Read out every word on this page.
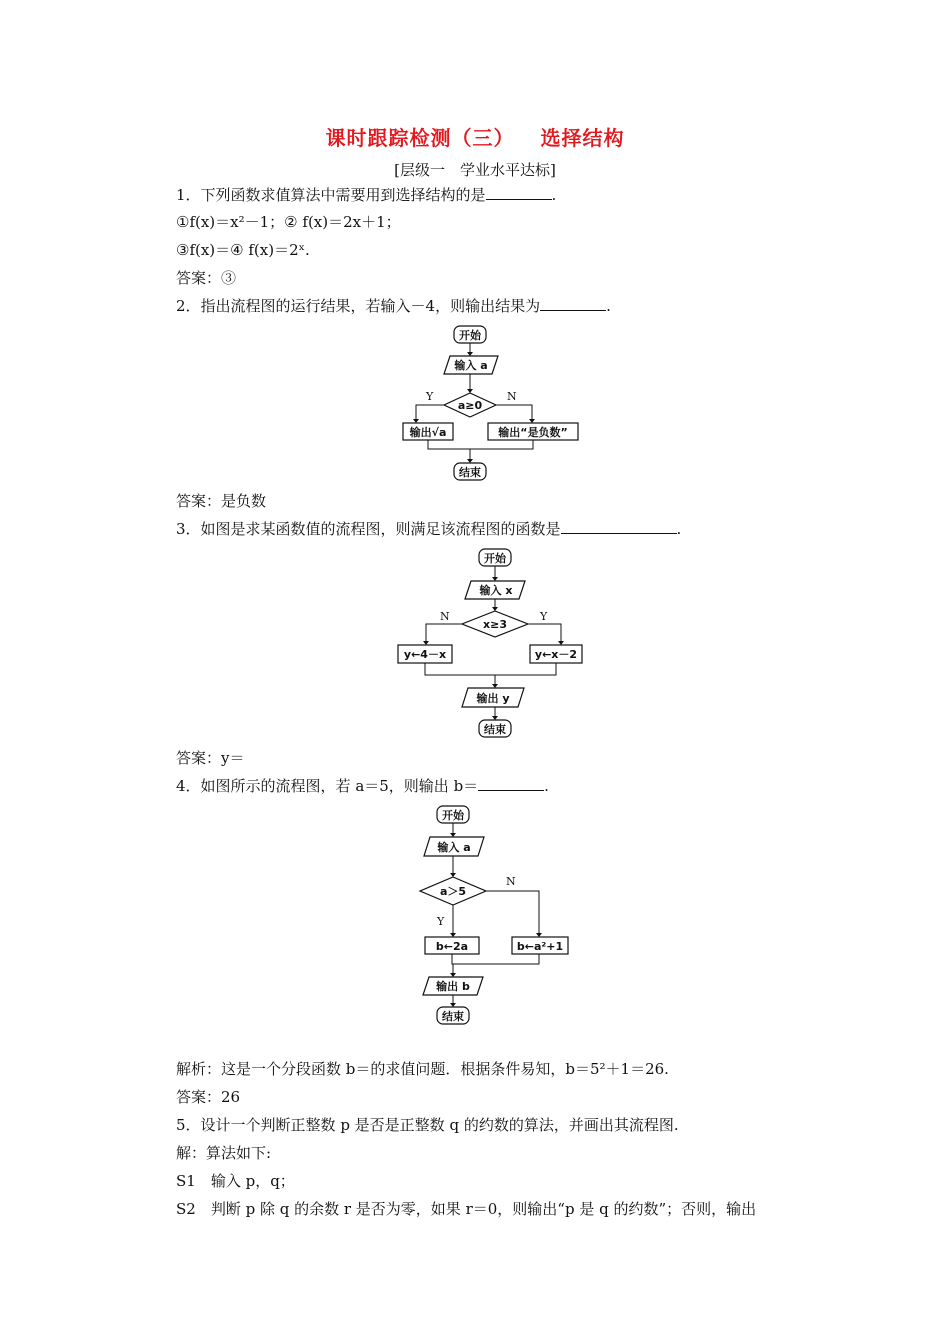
课时跟踪检测（三） 选择结构
[层级一　学业水平达标]
1．下列函数求值算法中需要用到选择结构的是	.
①f(x)＝x²－1；② f(x)＝2x＋1；
③f(x)＝④ f(x)＝2ˣ.
答案：③
2．指出流程图的运行结果，若输入－4，则输出结果为	.
开始
输入 a
a≥0
Y	N
输出√a	输出“是负数”
结束
答案：是负数
3．如图是求某函数值的流程图，则满足该流程图的函数是	.
开始
输入 x
x≥3
N	Y
y←4－x	y←x－2
输出 y
结束
答案：y＝
4．如图所示的流程图，若 a＝5，则输出 b＝	.
开始
输入 a
a＞5
N
Y
b←2a	b←a²+1
输出 b
结束
解析：这是一个分段函数 b＝的求值问题．根据条件易知，b＝5²＋1＝26.
答案：26
5．设计一个判断正整数 p 是否是正整数 q 的约数的算法，并画出其流程图.
解：算法如下:
S1　输入 p，q；
S2　判断 p 除 q 的余数 r 是否为零，如果 r＝0，则输出“p 是 q 的约数”；否则，输出
